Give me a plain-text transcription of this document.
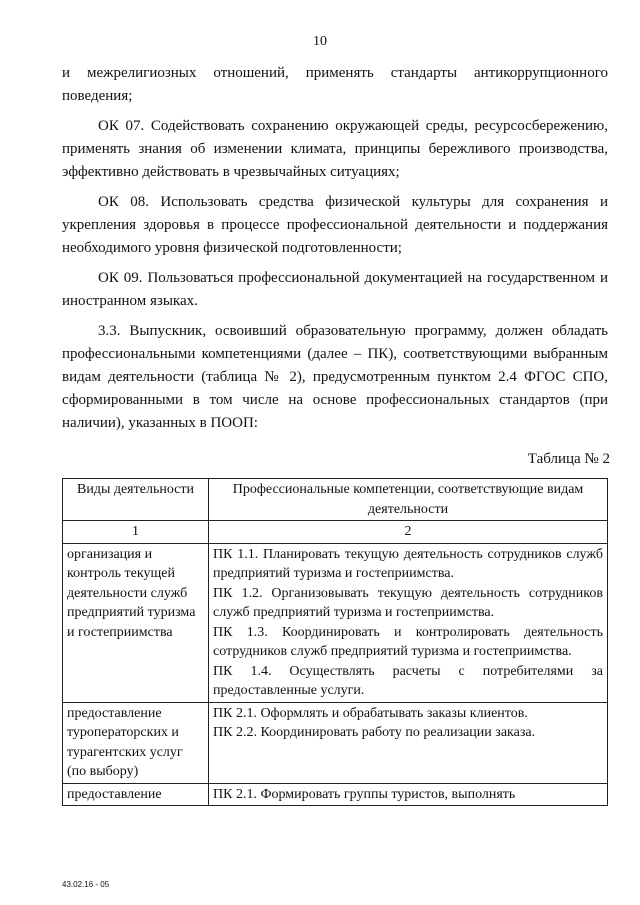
10

и межрелигиозных отношений, применять стандарты антикоррупционного поведения;

ОК 07. Содействовать сохранению окружающей среды, ресурсосбережению, применять знания об изменении климата, принципы бережливого производства, эффективно действовать в чрезвычайных ситуациях;

ОК 08. Использовать средства физической культуры для сохранения и укрепления здоровья в процессе профессиональной деятельности и поддержания необходимого уровня физической подготовленности;

ОК 09. Пользоваться профессиональной документацией на государственном и иностранном языках.

3.3. Выпускник, освоивший образовательную программу, должен обладать профессиональными компетенциями (далее – ПК), соответствующими выбранным видам деятельности (таблица № 2), предусмотренным пунктом 2.4 ФГОС СПО, сформированными в том числе на основе профессиональных стандартов (при наличии), указанных в ПООП:

Таблица № 2
Виды деятельности	Профессиональные компетенции, соответствующие видам деятельности
1	2
организация и контроль текущей деятельности служб предприятий туризма и гостеприимства	ПК 1.1. Планировать текущую деятельность сотрудников служб предприятий туризма и гостеприимства.
ПК 1.2. Организовывать текущую деятельность сотрудников служб предприятий туризма и гостеприимства.
ПК 1.3. Координировать и контролировать деятельность сотрудников служб предприятий туризма и гостеприимства.
ПК 1.4. Осуществлять расчеты с потребителями за предоставленные услуги.

предоставление туроператорских и турагентских услуг (по выбору)	ПК 2.1. Оформлять и обрабатывать заказы клиентов.
ПК 2.2. Координировать работу по реализации заказа.

предоставление	ПК 2.1. Формировать группы туристов, выполнять
43.02.16 - 05
